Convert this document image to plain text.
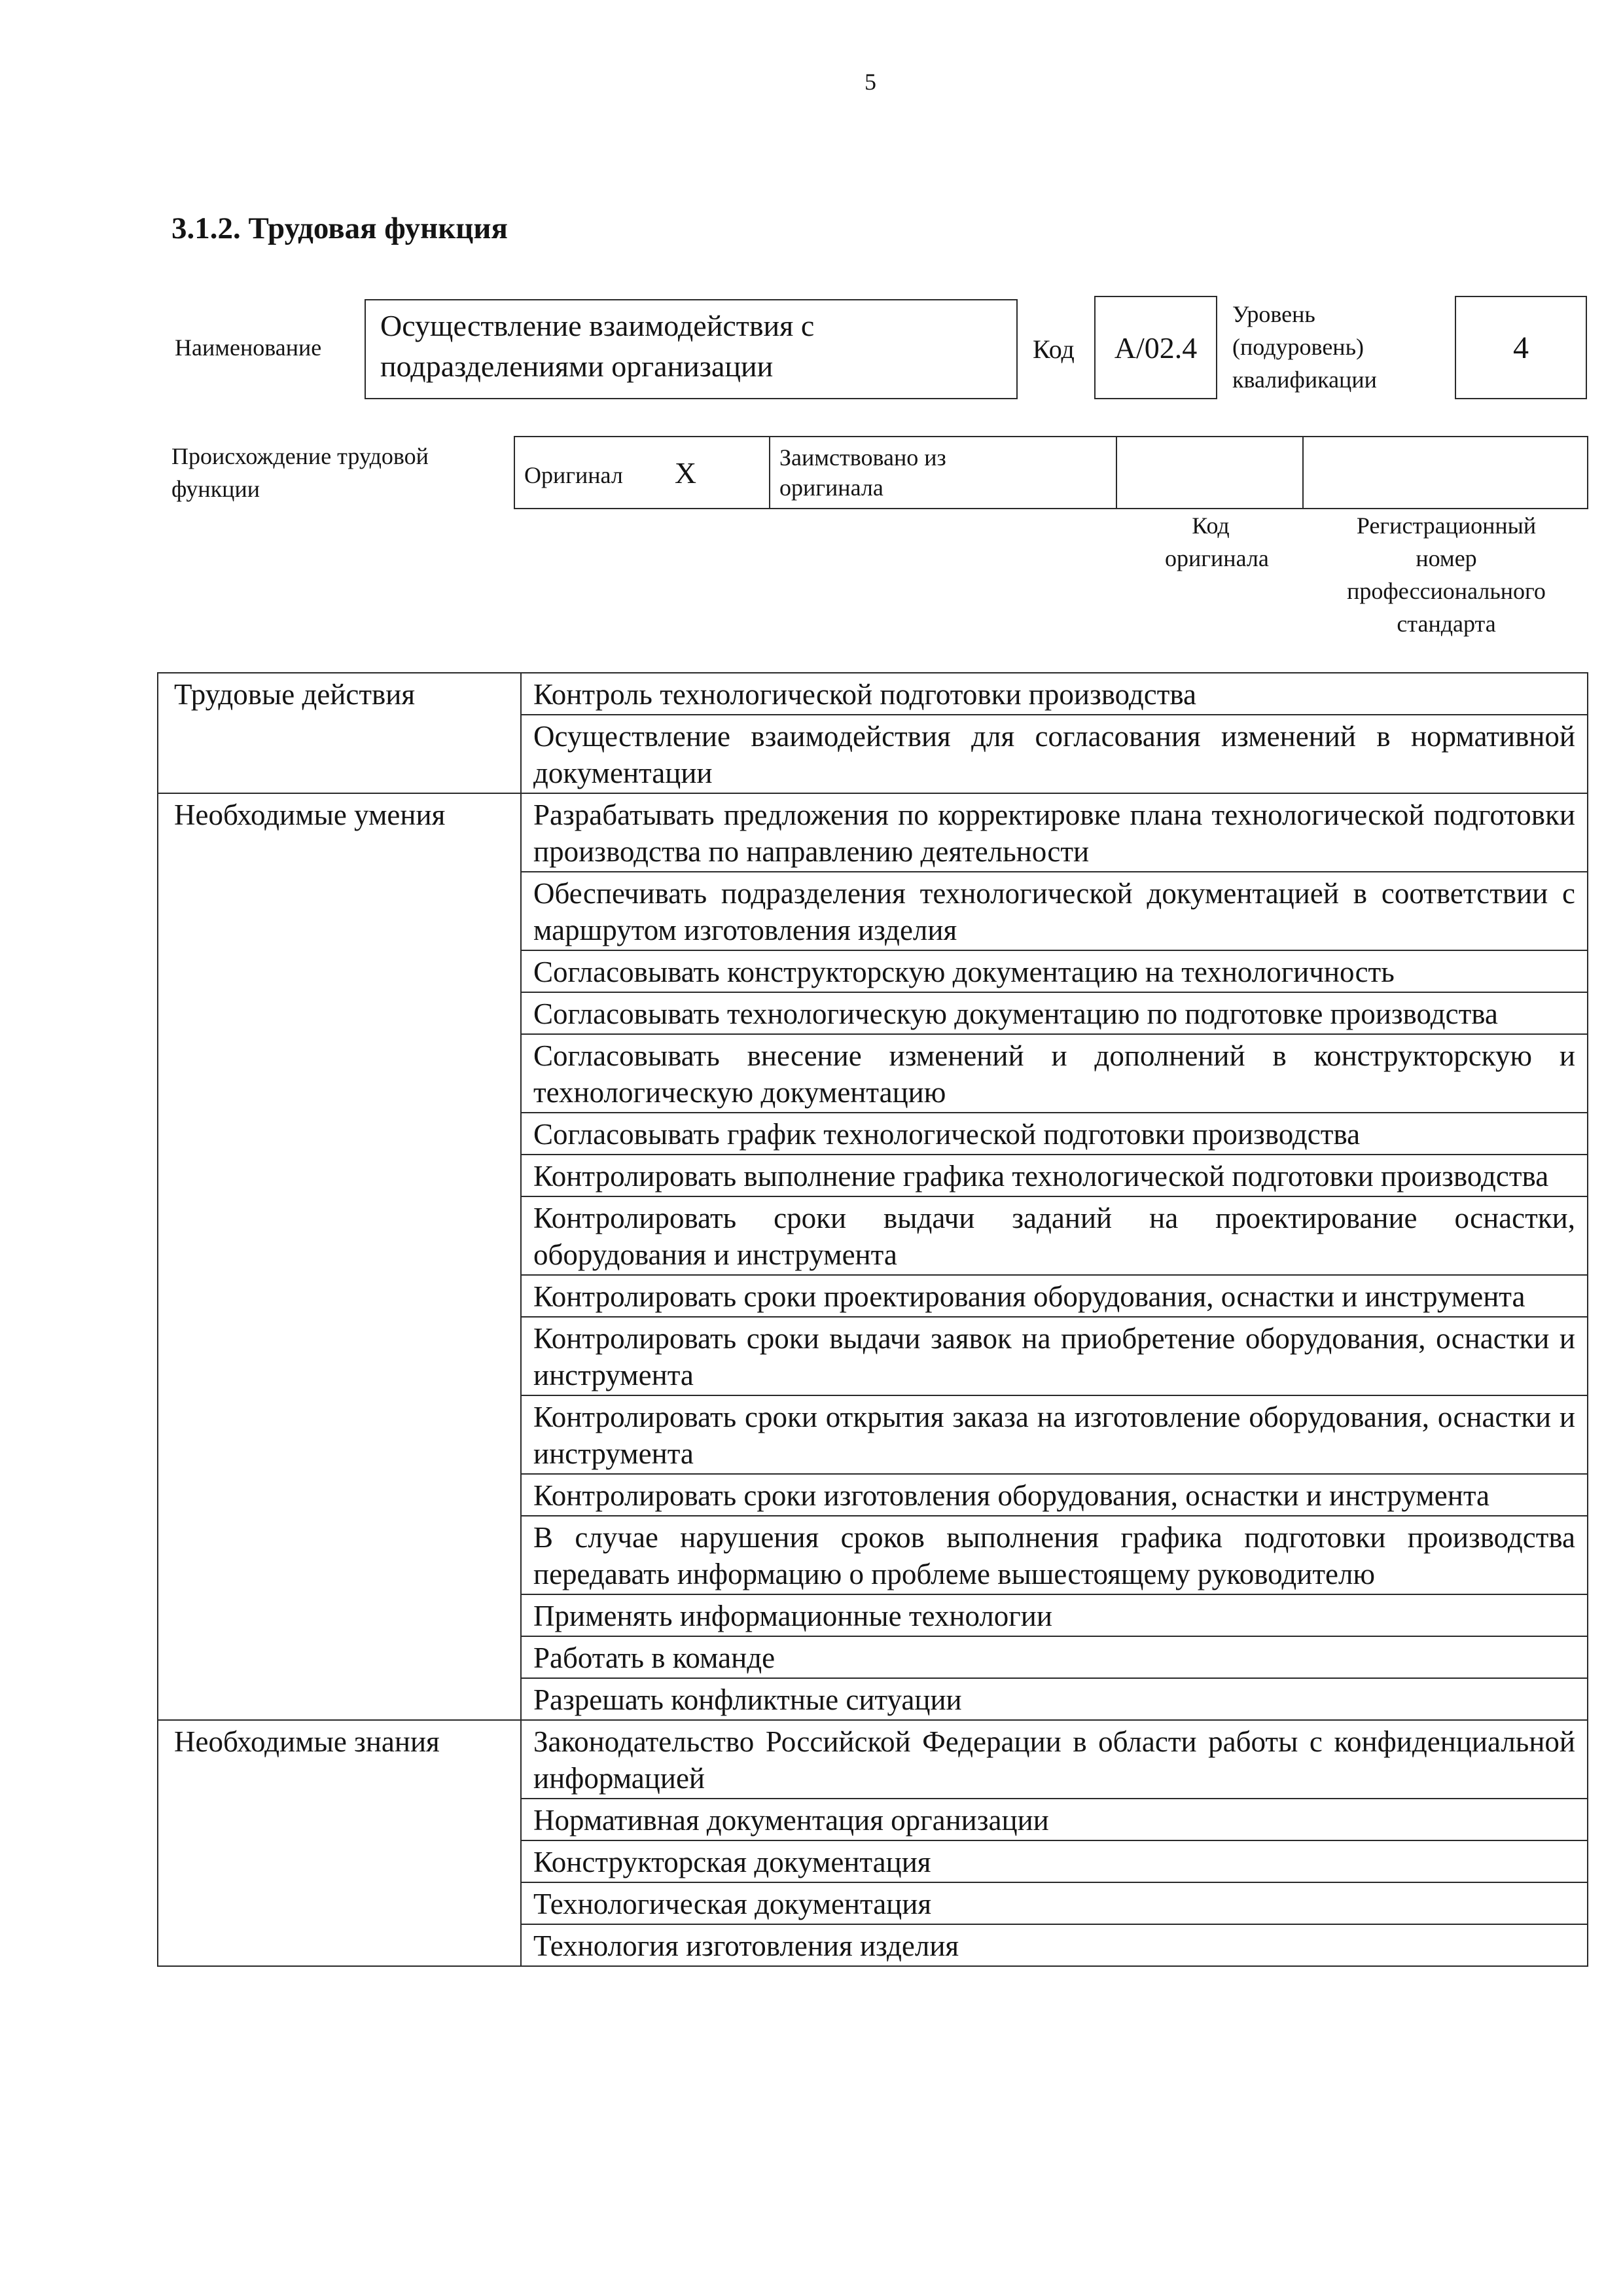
5
3.1.2. Трудовая функция
Наименование
Осуществление взаимодействия с
подразделениями организации
Код А/02.4
Уровень
(подуровень)
квалификации
4
Происхождение трудовой
функции
Оригинал X	Заимствовано из
оригинала

Код
оригинала
Регистрационный
номер
профессионального
стандарта
Трудовые действия	Контроль технологической подготовки производства
	Осуществление взаимодействия для согласования изменений в нормативной документации
Необходимые умения	Разрабатывать предложения по корректировке плана технологической подготовки производства по направлению деятельности
	Обеспечивать подразделения технологической документацией в соответствии с маршрутом изготовления изделия
	Согласовывать конструкторскую документацию на технологичность
	Согласовывать технологическую документацию по подготовке производства
	Согласовывать внесение изменений и дополнений в конструкторскую и технологическую документацию
	Согласовывать график технологической подготовки производства
	Контролировать выполнение графика технологической подготовки производства
	Контролировать сроки выдачи заданий на проектирование оснастки, оборудования и инструмента
	Контролировать сроки проектирования оборудования, оснастки и инструмента
	Контролировать сроки выдачи заявок на приобретение оборудования, оснастки и инструмента
	Контролировать сроки открытия заказа на изготовление оборудования, оснастки и инструмента
	Контролировать сроки изготовления оборудования, оснастки и инструмента
	В случае нарушения сроков выполнения графика подготовки производства передавать информацию о проблеме вышестоящему руководителю
	Применять информационные технологии
	Работать в команде
	Разрешать конфликтные ситуации
Необходимые знания	Законодательство Российской Федерации в области работы с конфиденциальной информацией
	Нормативная документация организации
	Конструкторская документация
	Технологическая документация
	Технология изготовления изделия
